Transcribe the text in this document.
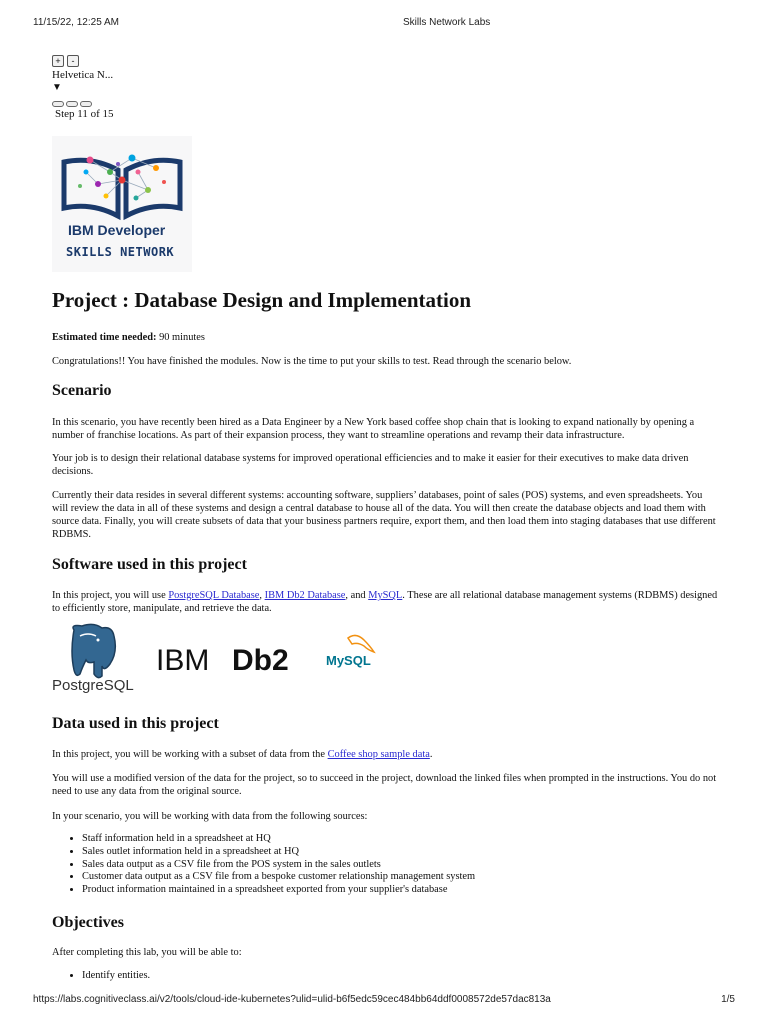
11/15/22, 12:25 AM	Skills Network Labs
+	-
Helvetica N...
▼
Step 11 of 15
IBM Developer
SKILLS NETWORK
Project : Database Design and Implementation

Estimated time needed: 90 minutes

Congratulations!! You have finished the modules. Now is the time to put your skills to test. Read through the scenario below.

Scenario

In this scenario, you have recently been hired as a Data Engineer by a New York based coffee shop chain that is looking to expand nationally by opening a number of franchise locations. As part of their expansion process, they want to streamline operations and revamp their data infrastructure.

Your job is to design their relational database systems for improved operational efficiencies and to make it easier for their executives to make data driven decisions.

Currently their data resides in several different systems: accounting software, suppliers’ databases, point of sales (POS) systems, and even spreadsheets. You will review the data in all of these systems and design a central database to house all of the data. You will then create the database objects and load them with source data. Finally, you will create subsets of data that your business partners require, export them, and then load them into staging databases that use different RDBMS.

Software used in this project

In this project, you will use PostgreSQL Database, IBM Db2 Database, and MySQL. These are all relational database management systems (RDBMS) designed to efficiently store, manipulate, and retrieve the data.

PostgreSQL
IBM Db2	MySQL
Data used in this project

In this project, you will be working with a subset of data from the Coffee shop sample data.

You will use a modified version of the data for the project, so to succeed in the project, download the linked files when prompted in the instructions. You do not need to use any data from the original source.

In your scenario, you will be working with data from the following sources:

• Staff information held in a spreadsheet at HQ
• Sales outlet information held in a spreadsheet at HQ
• Sales data output as a CSV file from the POS system in the sales outlets
• Customer data output as a CSV file from a bespoke customer relationship management system
• Product information maintained in a spreadsheet exported from your supplier's database
Objectives

After completing this lab, you will be able to:

• Identify entities.
https://labs.cognitiveclass.ai/v2/tools/cloud-ide-kubernetes?ulid=ulid-b6f5edc59cec484bb64ddf0008572de57dac813a	1/5
